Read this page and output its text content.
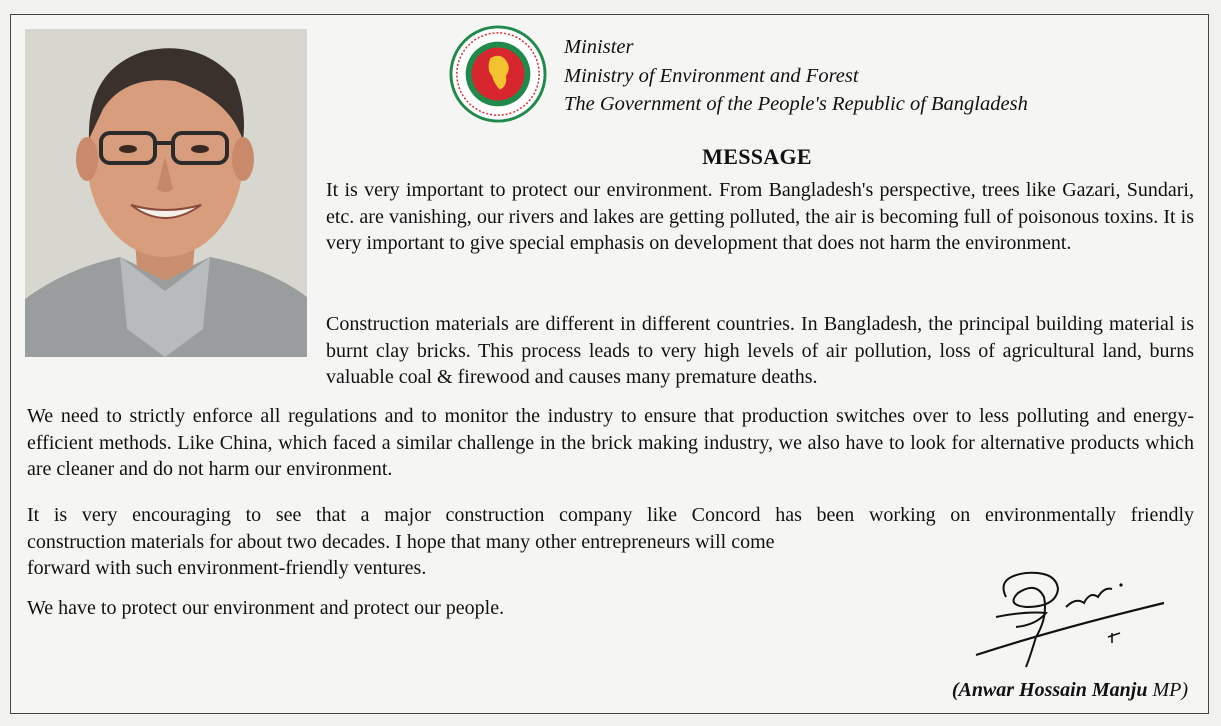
Minister
Ministry of Environment and Forest
The Government of the People's Republic of Bangladesh
MESSAGE

It is very important to protect our environment. From Bangladesh's perspective, trees like Gazari, Sundari, etc. are vanishing, our rivers and lakes are getting polluted, the air is becoming full of poisonous toxins. It is very important to give special emphasis on development that does not harm the environment.

Construction materials are different in different countries. In Bangladesh, the principal building material is burnt clay bricks. This process leads to very high levels of air pollution, loss of agricultural land, burns valuable coal & firewood and causes many premature deaths.

We need to strictly enforce all regulations and to monitor the industry to ensure that production switches over to less polluting and energy-efficient methods. Like China, which faced a similar challenge in the brick making industry, we also have to look for alternative products which are cleaner and do not harm our environment.

It is very encouraging to see that a major construction company like Concord has been working on environmentally friendly
construction materials for about two decades. I hope that many other entrepreneurs will come
forward with such environment-friendly ventures.

We have to protect our environment and protect our people.

(Anwar Hossain Manju MP)
